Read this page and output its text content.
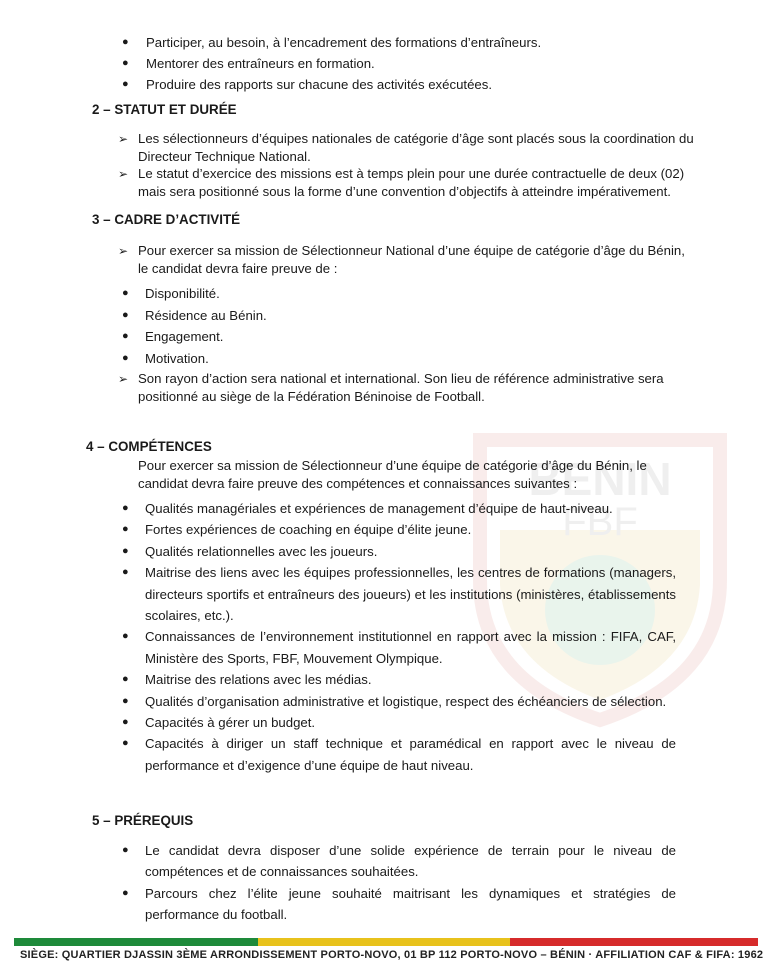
BENIN
FBF
● Participer, au besoin, à l’encadrement des formations d’entraîneurs.
● Mentorer des entraîneurs en formation.
● Produire des rapports sur chacune des activités exécutées.
2 – STATUT ET DURÉE
➢ Les sélectionneurs d’équipes nationales de catégorie d’âge sont placés sous la coordination du Directeur Technique National.
➢ Le statut d’exercice des missions est à temps plein pour une durée contractuelle de deux (02) mais sera positionné sous la forme d’une convention d’objectifs à atteindre impérativement.
3 – CADRE D’ACTIVITÉ
➢ Pour exercer sa mission de Sélectionneur National d’une équipe de catégorie d’âge du Bénin, le candidat devra faire preuve de :
● Disponibilité.
● Résidence au Bénin.
● Engagement.
● Motivation.
➢ Son rayon d’action sera national et international. Son lieu de référence administrative sera positionné au siège de la Fédération Béninoise de Football.
4 – COMPÉTENCES
Pour exercer sa mission de Sélectionneur d’une équipe de catégorie d’âge du Bénin, le candidat devra faire preuve des compétences et connaissances suivantes :
● Qualités managériales et expériences de management d’équipe de haut-niveau.
● Fortes expériences de coaching en équipe d’élite jeune.
● Qualités relationnelles avec les joueurs.
● Maitrise des liens avec les équipes professionnelles, les centres de formations (managers, directeurs sportifs et entraîneurs des joueurs) et les institutions (ministères, établissements scolaires, etc.).
● Connaissances de l’environnement institutionnel en rapport avec la mission : FIFA, CAF, Ministère des Sports, FBF, Mouvement Olympique.
● Maitrise des relations avec les médias.
● Qualités d’organisation administrative et logistique, respect des échéanciers de sélection.
● Capacités à gérer un budget.
● Capacités à diriger un staff technique et paramédical en rapport avec le niveau de performance et d’exigence d’une équipe de haut niveau.
5 – PRÉREQUIS
● Le candidat devra disposer d’une solide expérience de terrain pour le niveau de compétences et de connaissances souhaitées.
● Parcours chez l’élite jeune souhaité maitrisant les dynamiques et stratégies de performance du football.
SIÈGE: QUARTIER DJASSIN 3ÈME ARRONDISSEMENT PORTO-NOVO, 01 BP 112 PORTO-NOVO – BÉNIN · AFFILIATION CAF & FIFA: 1962
